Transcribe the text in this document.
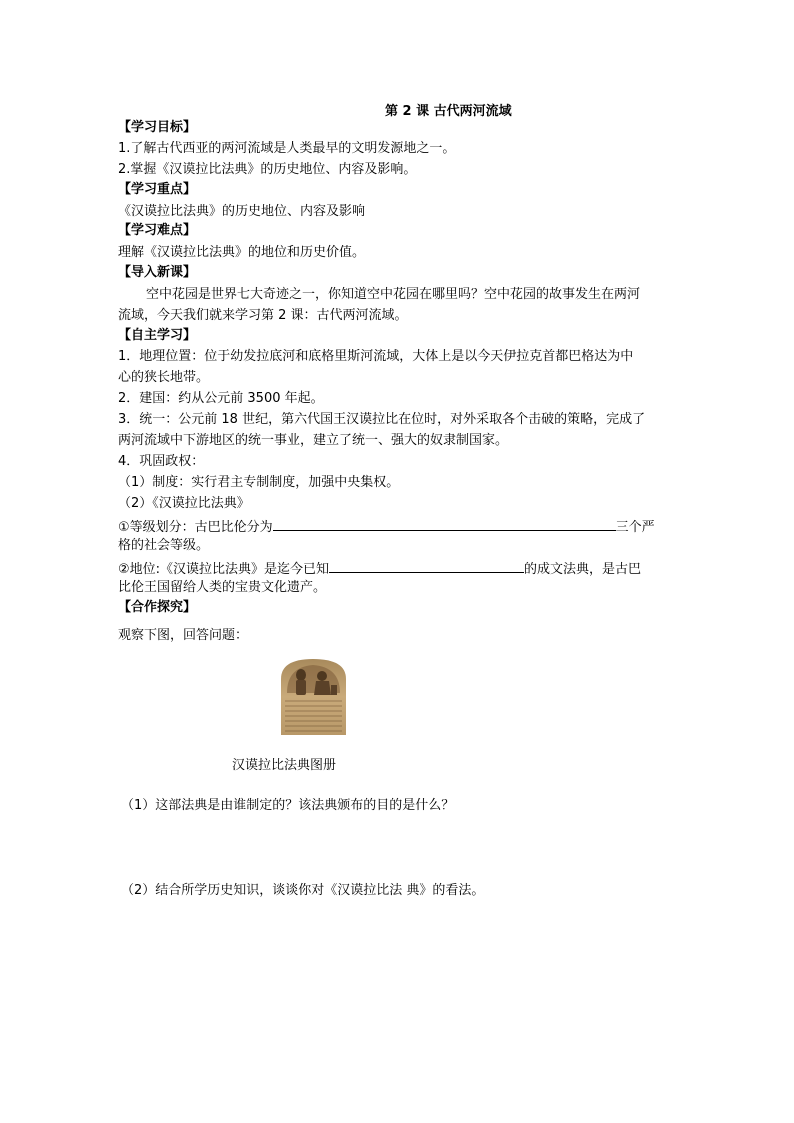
第 2 课 古代两河流域
【学习目标】
1.了解古代西亚的两河流域是人类最早的文明发源地之一。
2.掌握《汉谟拉比法典》的历史地位、内容及影响。
【学习重点】
《汉谟拉比法典》的历史地位、内容及影响
【学习难点】
理解《汉谟拉比法典》的地位和历史价值。
【导入新课】
空中花园是世界七大奇迹之一，你知道空中花园在哪里吗？空中花园的故事发生在两河
流域，今天我们就来学习第 2 课：古代两河流域。
【自主学习】
1．地理位置：位于幼发拉底河和底格里斯河流域，大体上是以今天伊拉克首都巴格达为中
心的狭长地带。
2．建国：约从公元前 3500 年起。
3．统一：公元前 18 世纪，第六代国王汉谟拉比在位时，对外采取各个击破的策略，完成了
两河流域中下游地区的统一事业，建立了统一、强大的奴隶制国家。
4．巩固政权：
（1）制度：实行君主专制制度，加强中央集权。
（2）《汉谟拉比法典》
①等级划分：古巴比伦分为	三个严
格的社会等级。
②地位:《汉谟拉比法典》是迄今已知	的成文法典，是古巴
比伦王国留给人类的宝贵文化遗产。
【合作探究】
观察下图，回答问题：
汉谟拉比法典图册
（1）这部法典是由谁制定的？该法典颁布的目的是什么？
（2）结合所学历史知识，谈谈你对《汉谟拉比法 典》的看法。
